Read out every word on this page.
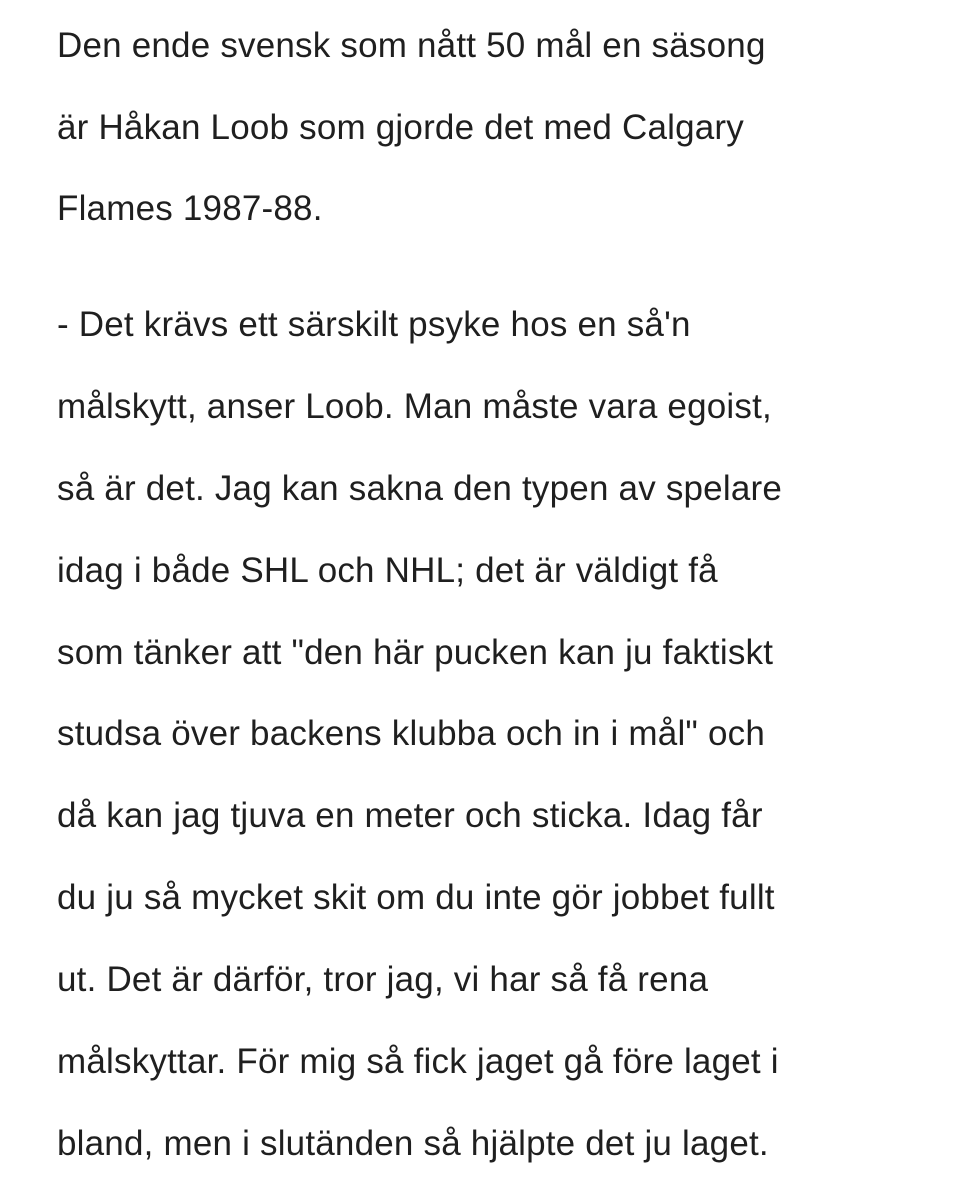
Den ende svensk som nått 50 mål en säsong
är Håkan Loob som gjorde det med Calgary
Flames 1987-88.
- Det krävs ett särskilt psyke hos en så'n
målskytt, anser Loob. Man måste vara egoist,
så är det. Jag kan sakna den typen av spelare
idag i både SHL och NHL; det är väldigt få
som tänker att "den här pucken kan ju faktiskt
studsa över backens klubba och in i mål" och
då kan jag tjuva en meter och sticka. Idag får
du ju så mycket skit om du inte gör jobbet fullt
ut. Det är därför, tror jag, vi har så få rena
målskyttar. För mig så fick jaget gå före laget i
bland, men i slutänden så hjälpte det ju laget.
